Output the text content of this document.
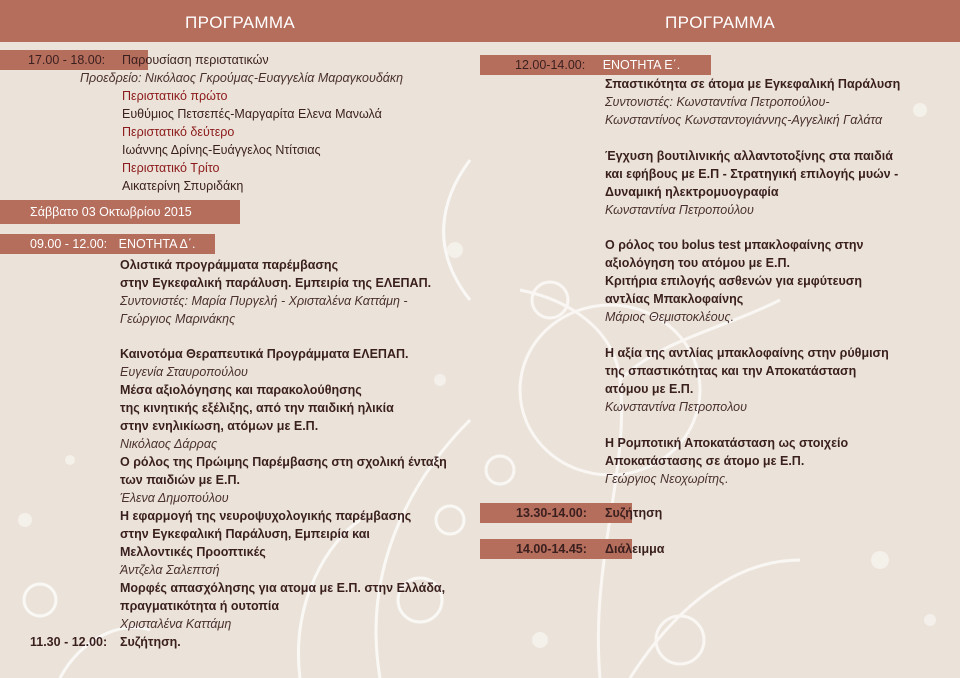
ΠΡΟΓΡΑΜΜΑ
17.00 - 18.00:	Παρουσίαση περιστατικών
Προεδρείο: Νικόλαος Γκρούμας-Ευαγγελία Μαραγκουδάκη
Περιστατικό πρώτο
Ευθύμιος Πετσεπές-Μαργαρίτα Ελενα Μανωλά
Περιστατικό δεύτερο
Ιωάννης Δρίνης-Ευάγγελος Ντίτσιας
Περιστατικό Τρίτο
Αικατερίνη Σπυριδάκη
Σάββατο 03 Οκτωβρίου 2015
09.00 - 12.00: ΕΝΟΤΗΤΑ Δ΄.
Ολιστικά προγράμματα παρέμβασης
στην Εγκεφαλική παράλυση. Εμπειρία της ΕΛΕΠΑΠ.
Συντονιστές: Μαρία Πυργελή - Χρισταλένα Καττάμη -
Γεώργιος Μαρινάκης
Καινοτόμα Θεραπευτικά Προγράμματα ΕΛΕΠΑΠ.
Ευγενία Σταυροπούλου
Μέσα αξιολόγησης και παρακολούθησης
της κινητικής εξέλιξης, από την παιδική ηλικία
στην ενηλικίωση, ατόμων με Ε.Π.
Νικόλαος Δάρρας
Ο ρόλος της Πρώιμης Παρέμβασης στη σχολική ένταξη
των παιδιών με Ε.Π.
Έλενα Δημοπούλου
Η εφαρμογή της νευροψυχολογικής παρέμβασης
στην Εγκεφαλική Παράλυση, Εμπειρία και
Μελλοντικές Προοπτικές
Άντζελα Σαλεπτσή
Μορφές απασχόλησης για ατομα με Ε.Π. στην Ελλάδα,
πραγματικότητα ή ουτοπία
Χρισταλένα Καττάμη
11.30 - 12.00: Συζήτηση.
ΠΡΟΓΡΑΜΜΑ
12.00-14.00: ΕΝΟΤΗΤΑ Ε΄.
Σπαστικότητα σε άτομα με Εγκεφαλική Παράλυση
Συντονιστές: Κωνσταντίνα Πετροπούλου-
Κωνσταντίνος Κωνσταντογιάννης-Αγγελική Γαλάτα
Έγχυση βουτιλινικής αλλαντοτοξίνης στα παιδιά
και εφήβους με Ε.Π - Στρατηγική επιλογής μυών -
Δυναμική ηλεκτρομυογραφία
Κωνσταντίνα Πετροπούλου
Ο ρόλος του bolus test μπακλοφαίνης στην
αξιολόγηση του ατόμου με Ε.Π.
Κριτήρια επιλογής ασθενών για εμφύτευση
αντλίας Μπακλοφαίνης
Μάριος Θεμιστοκλέους.
Η αξία της αντλίας μπακλοφαίνης στην ρύθμιση
της σπαστικότητας και την Αποκατάσταση
ατόμου με Ε.Π.
Κωνσταντίνα Πετροπολου
Η Ρομποτική Αποκατάσταση ως στοιχείο
Αποκατάστασης σε άτομο με Ε.Π.
Γεώργιος Νεοχωρίτης.
13.30-14.00:	Συζήτηση
14.00-14.45:	Διάλειμμα
